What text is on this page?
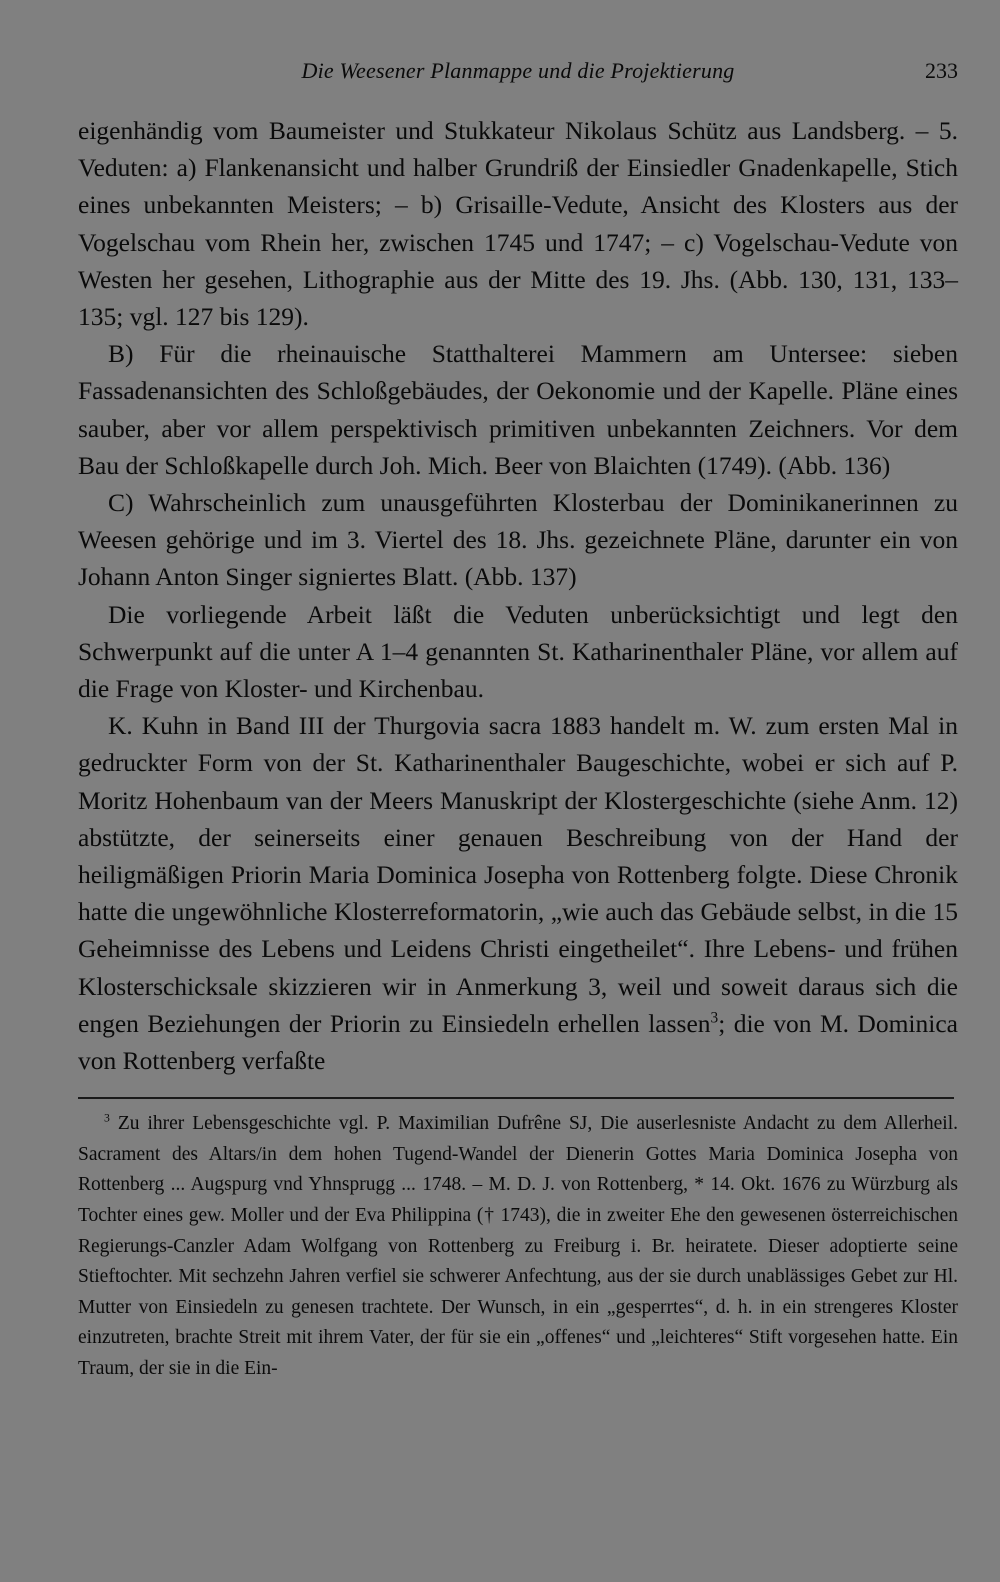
Die Weesener Planmappe und die Projektierung	233

eigenhändig vom Baumeister und Stukkateur Nikolaus Schütz aus Landsberg. – 5. Veduten: a) Flankenansicht und halber Grundriß der Einsiedler Gnadenkapelle, Stich eines unbekannten Meisters; – b) Grisaille-Vedute, Ansicht des Klosters aus der Vogelschau vom Rhein her, zwischen 1745 und 1747; – c) Vogelschau-Vedute von Westen her gesehen, Lithographie aus der Mitte des 19. Jhs. (Abb. 130, 131, 133–135; vgl. 127 bis 129).

B) Für die rheinauische Statthalterei Mammern am Untersee: sieben Fassadenansichten des Schloßgebäudes, der Oekonomie und der Kapelle. Pläne eines sauber, aber vor allem perspektivisch primitiven unbekannten Zeichners. Vor dem Bau der Schloßkapelle durch Joh. Mich. Beer von Blaichten (1749). (Abb. 136)

C) Wahrscheinlich zum unausgeführten Klosterbau der Dominikanerinnen zu Weesen gehörige und im 3. Viertel des 18. Jhs. gezeichnete Pläne, darunter ein von Johann Anton Singer signiertes Blatt. (Abb. 137)

Die vorliegende Arbeit läßt die Veduten unberücksichtigt und legt den Schwerpunkt auf die unter A 1–4 genannten St. Katharinenthaler Pläne, vor allem auf die Frage von Kloster- und Kirchenbau.

K. Kuhn in Band III der Thurgovia sacra 1883 handelt m. W. zum ersten Mal in gedruckter Form von der St. Katharinenthaler Baugeschichte, wobei er sich auf P. Moritz Hohenbaum van der Meers Manuskript der Klostergeschichte (siehe Anm. 12) abstützte, der seinerseits einer genauen Beschreibung von der Hand der heiligmäßigen Priorin Maria Dominica Josepha von Rottenberg folgte. Diese Chronik hatte die ungewöhnliche Klosterreformatorin, „wie auch das Gebäude selbst, in die 15 Geheimnisse des Lebens und Leidens Christi eingetheilet“. Ihre Lebens- und frühen Klosterschicksale skizzieren wir in Anmerkung 3, weil und soweit daraus sich die engen Beziehungen der Priorin zu Einsiedeln erhellen lassen$^3$; die von M. Dominica von Rottenberg verfaßte

$^3$ Zu ihrer Lebensgeschichte vgl. P. Maximilian Dufrêne SJ, Die auserlesniste Andacht zu dem Allerheil. Sacrament des Altars/in dem hohen Tugend-Wandel der Dienerin Gottes Maria Dominica Josepha von Rottenberg ... Augspurg vnd Yhnsprugg ... 1748. – M. D. J. von Rottenberg, * 14. Okt. 1676 zu Würzburg als Tochter eines gew. Moller und der Eva Philippina († 1743), die in zweiter Ehe den gewesenen österreichischen Regierungs-Canzler Adam Wolfgang von Rottenberg zu Freiburg i. Br. heiratete. Dieser adoptierte seine Stieftochter. Mit sechzehn Jahren verfiel sie schwerer Anfechtung, aus der sie durch unablässiges Gebet zur Hl. Mutter von Einsiedeln zu genesen trachtete. Der Wunsch, in ein „gesperrtes“, d. h. in ein strengeres Kloster einzutreten, brachte Streit mit ihrem Vater, der für sie ein „offenes“ und „leichteres“ Stift vorgesehen hatte. Ein Traum, der sie in die Ein-
